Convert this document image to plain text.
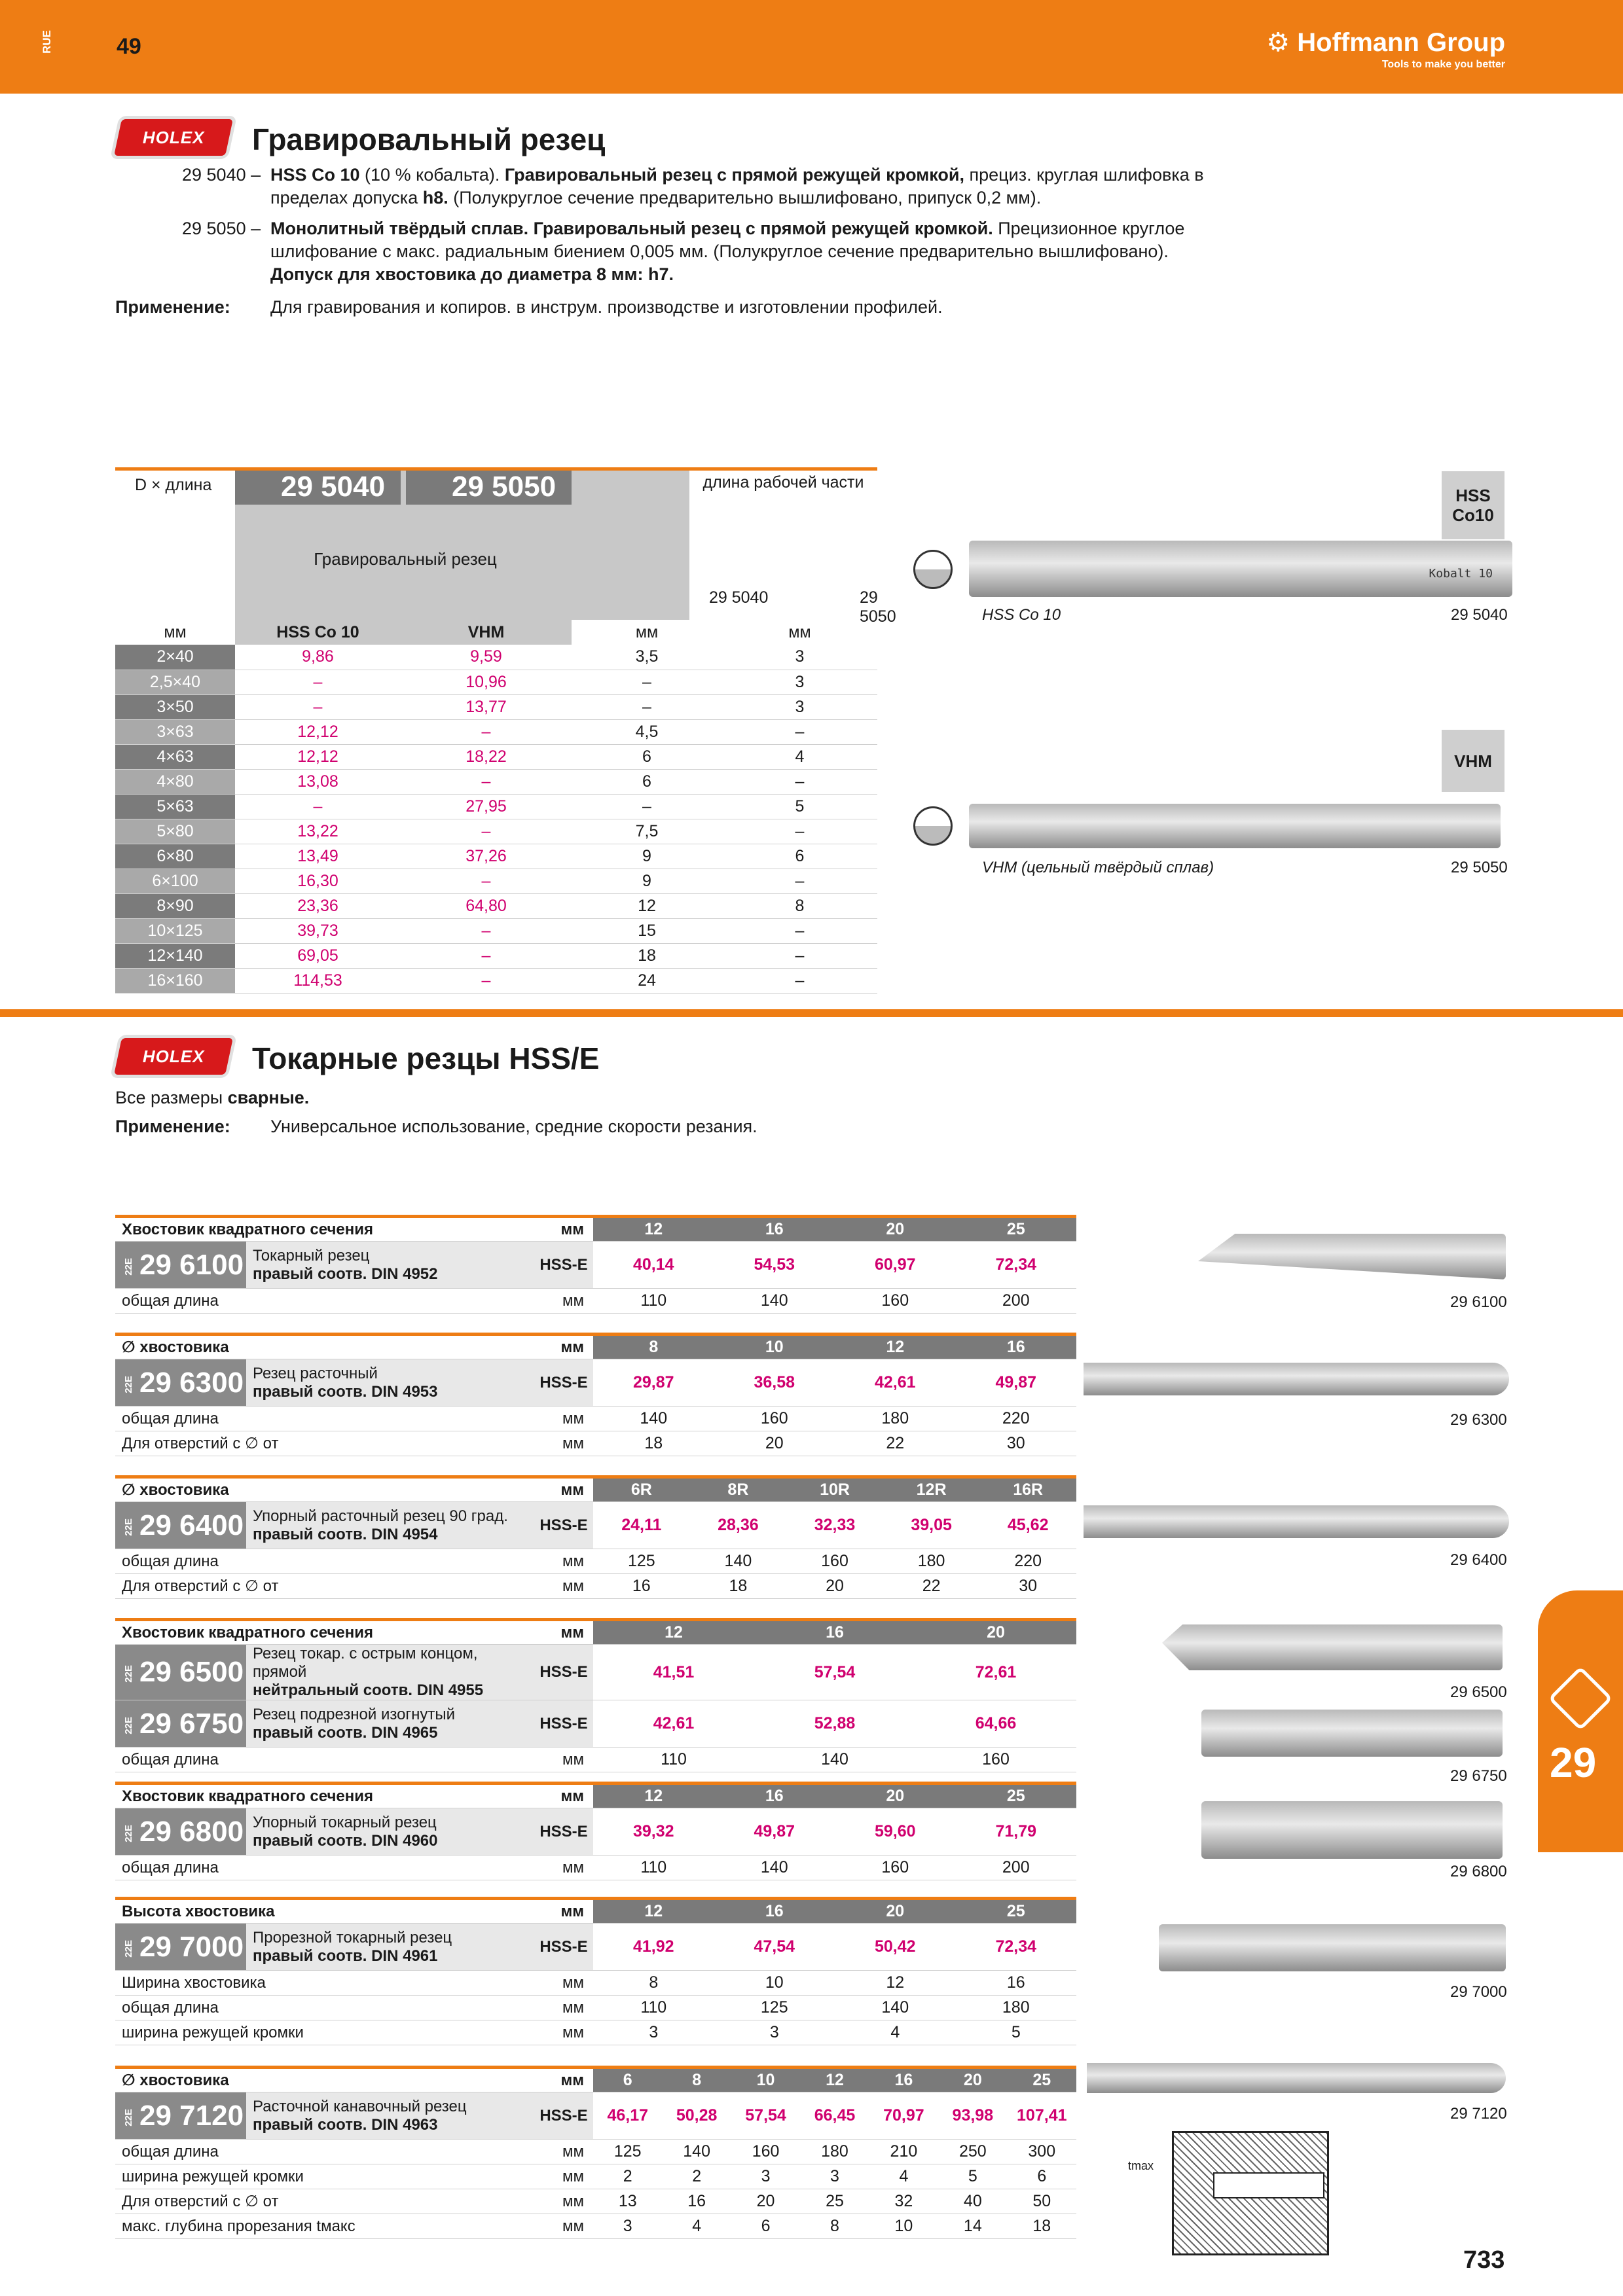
RUE	49	⚙ Hoffmann Group
Tools to make you better
HOLEX Гравировальный резец
29 5040 – HSS Co 10 (10 % кобальта). Гравировальный резец с прямой режущей кромкой, прециз. круглая шлифовка в пределах допуска h8. (Полукруглое сечение предварительно вышлифовано, припуск 0,2 мм).
29 5050 – Монолитный твёрдый сплав. Гравировальный резец с прямой режущей кромкой. Прецизионное круглое шлифование с макс. радиальным биением 0,005 мм. (Полукруглое сечение предварительно вышлифовано).
Допуск для хвостовика до диаметра 8 мм: h7.
Применение: Для гравирования и копиров. в инструм. производстве и изготовлении профилей.
D × длина	29 5040	29 5050
Гравировальный резец
длина рабочей части
29 5040	29 5050
мм	HSS Co 10	VHM	мм	мм
2×40	9,86	9,59	3,5	3
2,5×40	–	10,96	–	3
3×50	–	13,77	–	3
3×63	12,12	–	4,5	–
4×63	12,12	18,22	6	4
4×80	13,08	–	6	–
5×63	–	27,95	–	5
5×80	13,22	–	7,5	–
6×80	13,49	37,26	9	6
6×100	16,30	–	9	–
8×90	23,36	64,80	12	8
10×125	39,73	–	15	–
12×140	69,05	–	18	–
16×160	114,53	–	24	–
HSS Co10
Kobalt 10
HSS Co 10	29 5040
VHM
VHM (цельный твёрдый сплав)	29 5050
HOLEX Токарные резцы HSS/E
Все размеры сварные.
Применение: Универсальное использование, средние скорости резания.
Хвостовик квадратного сечения		мм	12	16	20	25
22E 29 6100	Токарный резец
правый соотв. DIN 4952	HSS-E	40,14	54,53	60,97	72,34
общая длина		мм	110	140	160	200
∅ хвостовика		мм	8	10	12	16
22E 29 6300	Резец расточный
правый соотв. DIN 4953	HSS-E	29,87	36,58	42,61	49,87
общая длина		мм	140	160	180	220
Для отверстий с ∅ от		мм	18	20	22	30
∅ хвостовика		мм	6R	8R	10R	12R	16R
22E 29 6400	Упорный расточный резец 90 град.
правый соотв. DIN 4954	HSS-E	24,11	28,36	32,33	39,05	45,62
общая длина		мм	125	140	160	180	220
Для отверстий с ∅ от		мм	16	18	20	22	30
Хвостовик квадратного сечения		мм	12	16	20
22E 29 6500	Резец токар. с острым концом, прямой
нейтральный соотв. DIN 4955	HSS-E	41,51	57,54	72,61
22E 29 6750	Резец подрезной изогнутый
правый соотв. DIN 4965	HSS-E	42,61	52,88	64,66
общая длина		мм	110	140	160
Хвостовик квадратного сечения		мм	12	16	20	25
22E 29 6800	Упорный токарный резец
правый соотв. DIN 4960	HSS-E	39,32	49,87	59,60	71,79
общая длина		мм	110	140	160	200
Высота хвостовика		мм	12	16	20	25
22E 29 7000	Прорезной токарный резец
правый соотв. DIN 4961	HSS-E	41,92	47,54	50,42	72,34
Ширина хвостовика		мм	8	10	12	16
общая длина		мм	110	125	140	180
ширина режущей кромки		мм	3	3	4	5
∅ хвостовика		мм	6	8	10	12	16	20	25
22E 29 7120	Расточной канавочный резец
правый соотв. DIN 4963	HSS-E	46,17	50,28	57,54	66,45	70,97	93,98	107,41
общая длина		мм	125	140	160	180	210	250	300
ширина режущей кромки		мм	2	2	3	3	4	5	6
Для отверстий с ∅ от		мм	13	16	20	25	32	40	50
макс. глубина прорезания tмакс		мм	3	4	6	8	10	14	18
29 6100
29 6300
29 6400
29 6500
29 6750
29 6800
29 7000
29 7120
tmax
29
733
